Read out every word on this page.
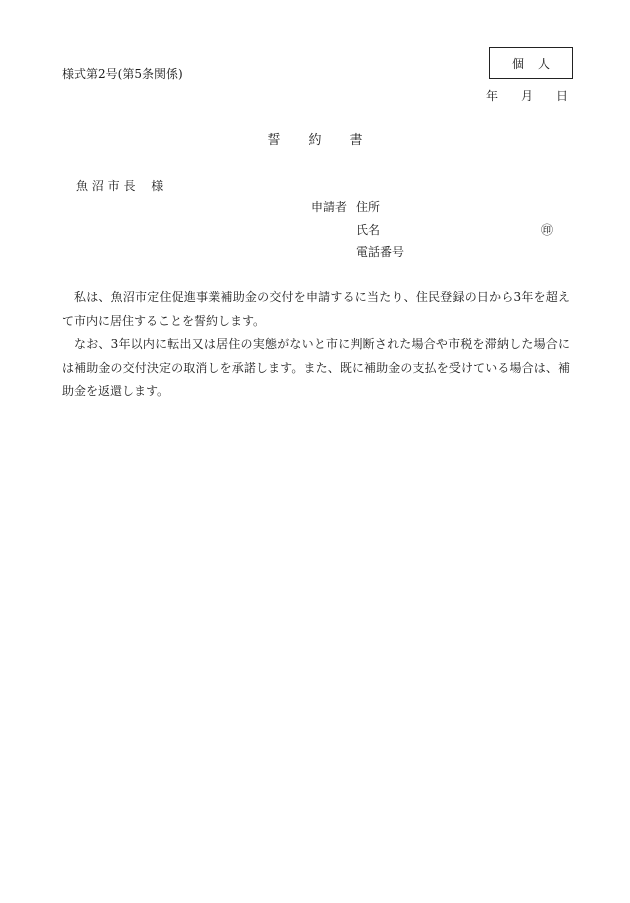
様式第2号(第5条関係)
個人
年 月 日
誓約書
魚 沼 市 長　 様
申請者 住所
氏名	㊞
電話番号

私は、魚沼市定住促進事業補助金の交付を申請するに当たり、住民登録の日から3年を超えて市内に居住することを誓約します。

なお、3年以内に転出又は居住の実態がないと市に判断された場合や市税を滞納した場合には補助金の交付決定の取消しを承諾します。また、既に補助金の支払を受けている場合は、補助金を返還します。
